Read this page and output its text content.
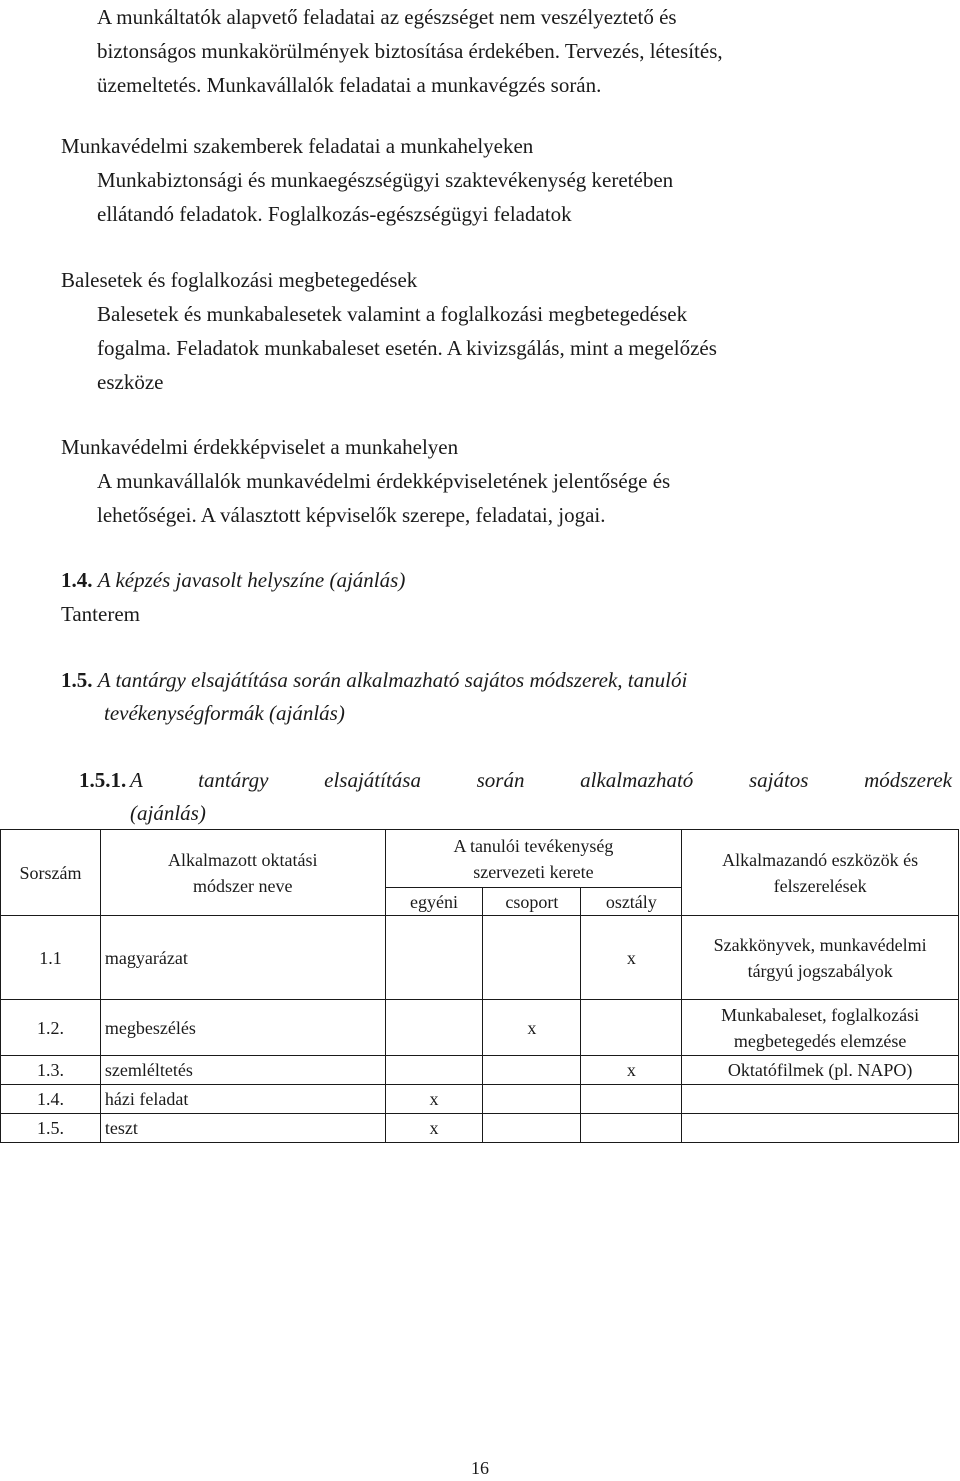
A munkáltatók alapvető feladatai az egészséget nem veszélyeztető és

biztonságos munkakörülmények biztosítása érdekében. Tervezés, létesítés,

üzemeltetés. Munkavállalók feladatai a munkavégzés során.

Munkavédelmi szakemberek feladatai a munkahelyeken

Munkabiztonsági és munkaegészségügyi szaktevékenység keretében

ellátandó feladatok. Foglalkozás-egészségügyi feladatok

Balesetek és foglalkozási megbetegedések

Balesetek és munkabalesetek valamint a foglalkozási megbetegedések

fogalma. Feladatok munkabaleset esetén. A kivizsgálás, mint a megelőzés

eszköze

Munkavédelmi érdekképviselet a munkahelyen

A munkavállalók munkavédelmi érdekképviseletének jelentősége és

lehetőségei. A választott képviselők szerepe, feladatai, jogai.

1.4. A képzés javasolt helyszíne (ajánlás)

Tanterem

1.5. A tantárgy elsajátítása során alkalmazható sajátos módszerek, tanulói

tevékenységformák (ajánlás)

1.5.1. A tantárgy elsajátítása során alkalmazható sajátos módszerek

(ajánlás)

Sorszám	Alkalmazott oktatási módszer neve	A tanulói tevékenység szervezeti kerete			Alkalmazandó eszközök és felszerelések
		egyéni	csoport	osztály	
1.1	magyarázat			x	Szakkönyvek, munkavédelmi tárgyú jogszabályok
1.2.	megbeszélés		x		Munkabaleset, foglalkozási megbetegedés elemzése
1.3.	szemléltetés			x	Oktatófilmek (pl. NAPO)
1.4.	házi feladat	x			
1.5.	teszt	x			
16
